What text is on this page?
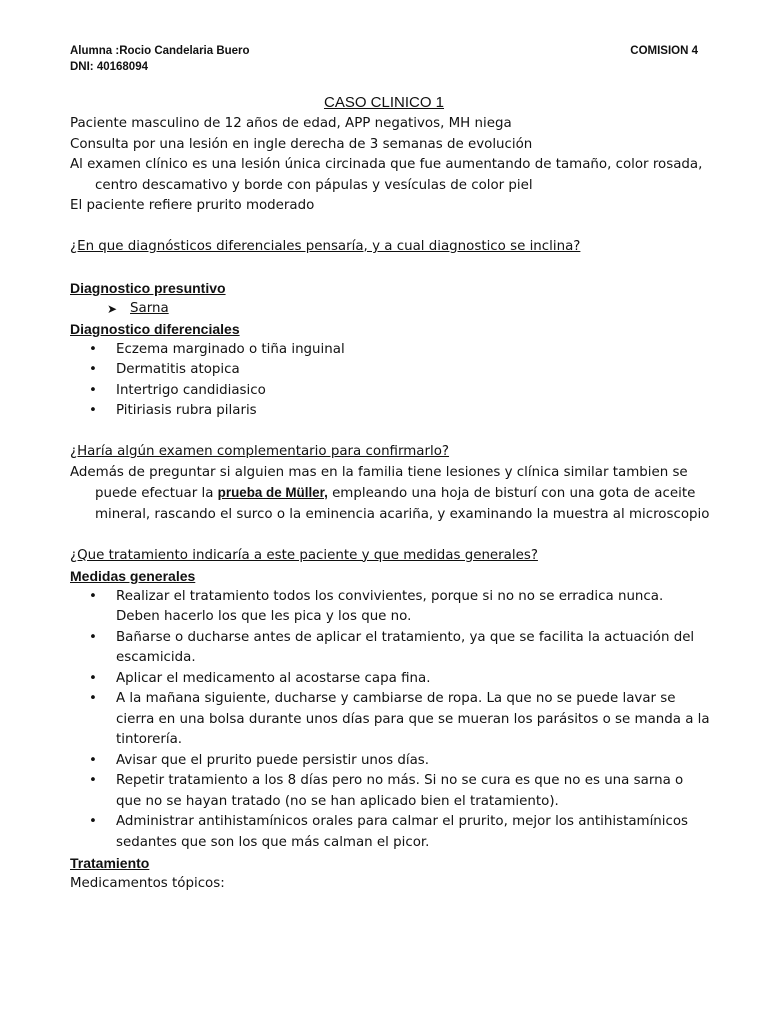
Alumna :Rocio Candelaria Buero
DNI: 40168094
COMISION 4
CASO CLINICO 1

Paciente masculino de 12 años de edad, APP negativos, MH niega

Consulta por una lesión en ingle derecha de 3 semanas de evolución

Al examen clínico es una lesión única circinada que fue aumentando de tamaño, color rosada, centro descamativo y borde con pápulas y vesículas de color piel

El paciente refiere prurito moderado

¿En que diagnósticos diferenciales pensaría, y a cual diagnostico se inclina?

Diagnostico presuntivo

➤ Sarna

Diagnostico diferenciales

• Eczema marginado o tiña inguinal
• Dermatitis atopica
• Intertrigo candidiasico
• Pitiriasis rubra pilaris

¿Haría algún examen complementario para confirmarlo?

Además de preguntar si alguien mas en la familia tiene lesiones y clínica similar tambien se puede efectuar la prueba de Müller, empleando una hoja de bisturí con una gota de aceite mineral, rascando el surco o la eminencia acariña, y examinando la muestra al microscopio

¿Que tratamiento indicaría a este paciente y que medidas generales?

Medidas generales

• Realizar el tratamiento todos los convivientes, porque si no no se erradica nunca. Deben hacerlo los que les pica y los que no.
• Bañarse o ducharse antes de aplicar el tratamiento, ya que se facilita la actuación del escamicida.
• Aplicar el medicamento al acostarse capa fina.
• A la mañana siguiente, ducharse y cambiarse de ropa. La que no se puede lavar se cierra en una bolsa durante unos días para que se mueran los parásitos o se manda a la tintorería.
• Avisar que el prurito puede persistir unos días.
• Repetir tratamiento a los 8 días pero no más. Si no se cura es que no es una sarna o que no se hayan tratado (no se han aplicado bien el tratamiento).
• Administrar antihistamínicos orales para calmar el prurito, mejor los antihistamínicos sedantes que son los que más calman el picor.

Tratamiento

Medicamentos tópicos:
